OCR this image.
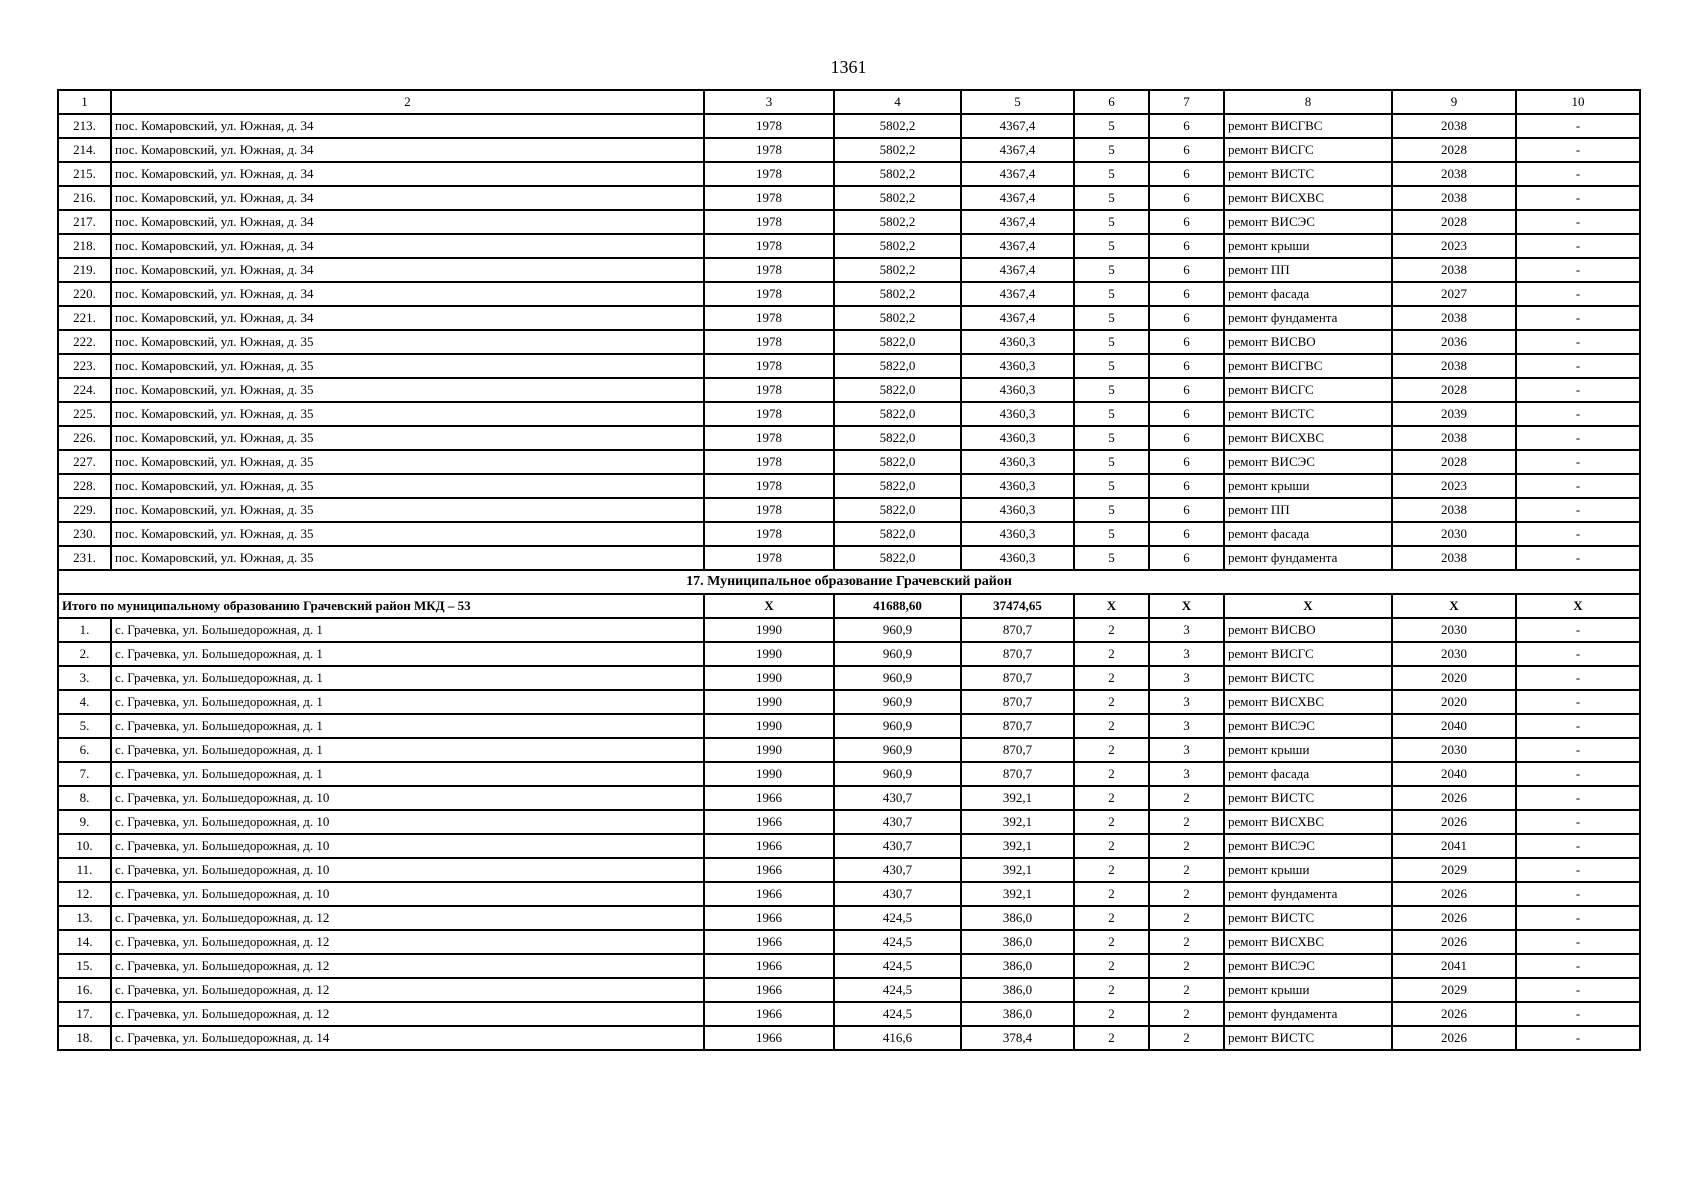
1361
1	2	3	4	5	6	7	8	9	10
213.	пос. Комаровский, ул. Южная, д. 34	1978	5802,2	4367,4	5	6	ремонт ВИСГВС	2038	-
214.	пос. Комаровский, ул. Южная, д. 34	1978	5802,2	4367,4	5	6	ремонт ВИСГС	2028	-
215.	пос. Комаровский, ул. Южная, д. 34	1978	5802,2	4367,4	5	6	ремонт ВИСТС	2038	-
216.	пос. Комаровский, ул. Южная, д. 34	1978	5802,2	4367,4	5	6	ремонт ВИСХВС	2038	-
217.	пос. Комаровский, ул. Южная, д. 34	1978	5802,2	4367,4	5	6	ремонт ВИСЭС	2028	-
218.	пос. Комаровский, ул. Южная, д. 34	1978	5802,2	4367,4	5	6	ремонт крыши	2023	-
219.	пос. Комаровский, ул. Южная, д. 34	1978	5802,2	4367,4	5	6	ремонт ПП	2038	-
220.	пос. Комаровский, ул. Южная, д. 34	1978	5802,2	4367,4	5	6	ремонт фасада	2027	-
221.	пос. Комаровский, ул. Южная, д. 34	1978	5802,2	4367,4	5	6	ремонт фундамента	2038	-
222.	пос. Комаровский, ул. Южная, д. 35	1978	5822,0	4360,3	5	6	ремонт ВИСВО	2036	-
223.	пос. Комаровский, ул. Южная, д. 35	1978	5822,0	4360,3	5	6	ремонт ВИСГВС	2038	-
224.	пос. Комаровский, ул. Южная, д. 35	1978	5822,0	4360,3	5	6	ремонт ВИСГС	2028	-
225.	пос. Комаровский, ул. Южная, д. 35	1978	5822,0	4360,3	5	6	ремонт ВИСТС	2039	-
226.	пос. Комаровский, ул. Южная, д. 35	1978	5822,0	4360,3	5	6	ремонт ВИСХВС	2038	-
227.	пос. Комаровский, ул. Южная, д. 35	1978	5822,0	4360,3	5	6	ремонт ВИСЭС	2028	-
228.	пос. Комаровский, ул. Южная, д. 35	1978	5822,0	4360,3	5	6	ремонт крыши	2023	-
229.	пос. Комаровский, ул. Южная, д. 35	1978	5822,0	4360,3	5	6	ремонт ПП	2038	-
230.	пос. Комаровский, ул. Южная, д. 35	1978	5822,0	4360,3	5	6	ремонт фасада	2030	-
231.	пос. Комаровский, ул. Южная, д. 35	1978	5822,0	4360,3	5	6	ремонт фундамента	2038	-
17. Муниципальное образование Грачевский район									
Итого по муниципальному образованию Грачевский район МКД – 53		Х	41688,60	37474,65	Х	Х	Х	Х	Х
1.	с. Грачевка, ул. Большедорожная, д. 1	1990	960,9	870,7	2	3	ремонт ВИСВО	2030	-
2.	с. Грачевка, ул. Большедорожная, д. 1	1990	960,9	870,7	2	3	ремонт ВИСГС	2030	-
3.	с. Грачевка, ул. Большедорожная, д. 1	1990	960,9	870,7	2	3	ремонт ВИСТС	2020	-
4.	с. Грачевка, ул. Большедорожная, д. 1	1990	960,9	870,7	2	3	ремонт ВИСХВС	2020	-
5.	с. Грачевка, ул. Большедорожная, д. 1	1990	960,9	870,7	2	3	ремонт ВИСЭС	2040	-
6.	с. Грачевка, ул. Большедорожная, д. 1	1990	960,9	870,7	2	3	ремонт крыши	2030	-
7.	с. Грачевка, ул. Большедорожная, д. 1	1990	960,9	870,7	2	3	ремонт фасада	2040	-
8.	с. Грачевка, ул. Большедорожная, д. 10	1966	430,7	392,1	2	2	ремонт ВИСТС	2026	-
9.	с. Грачевка, ул. Большедорожная, д. 10	1966	430,7	392,1	2	2	ремонт ВИСХВС	2026	-
10.	с. Грачевка, ул. Большедорожная, д. 10	1966	430,7	392,1	2	2	ремонт ВИСЭС	2041	-
11.	с. Грачевка, ул. Большедорожная, д. 10	1966	430,7	392,1	2	2	ремонт крыши	2029	-
12.	с. Грачевка, ул. Большедорожная, д. 10	1966	430,7	392,1	2	2	ремонт фундамента	2026	-
13.	с. Грачевка, ул. Большедорожная, д. 12	1966	424,5	386,0	2	2	ремонт ВИСТС	2026	-
14.	с. Грачевка, ул. Большедорожная, д. 12	1966	424,5	386,0	2	2	ремонт ВИСХВС	2026	-
15.	с. Грачевка, ул. Большедорожная, д. 12	1966	424,5	386,0	2	2	ремонт ВИСЭС	2041	-
16.	с. Грачевка, ул. Большедорожная, д. 12	1966	424,5	386,0	2	2	ремонт крыши	2029	-
17.	с. Грачевка, ул. Большедорожная, д. 12	1966	424,5	386,0	2	2	ремонт фундамента	2026	-
18.	с. Грачевка, ул. Большедорожная, д. 14	1966	416,6	378,4	2	2	ремонт ВИСТС	2026	-
